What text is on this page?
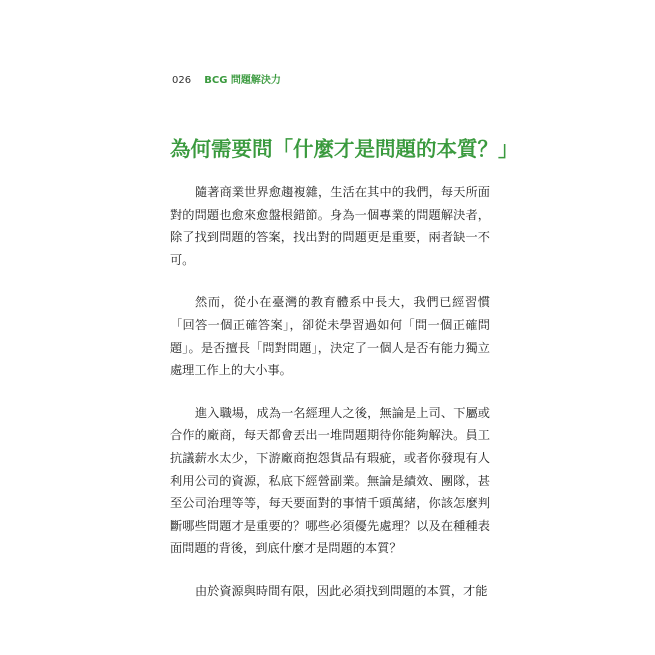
026 BCG 問題解決力
為何需要問「什麼才是問題的本質？」

隨著商業世界愈趨複雜，生活在其中的我們，每天所面對的問題也愈來愈盤根錯節。身為一個專業的問題解決者，除了找到問題的答案，找出對的問題更是重要，兩者缺一不可。

然而，從小在臺灣的教育體系中長大，我們已經習慣「回答一個正確答案」，卻從未學習過如何「問一個正確問題」。是否擅長「問對問題」，決定了一個人是否有能力獨立處理工作上的大小事。

進入職場，成為一名經理人之後，無論是上司、下屬或合作的廠商，每天都會丟出一堆問題期待你能夠解決。員工抗議薪水太少，下游廠商抱怨貨品有瑕疵，或者你發現有人利用公司的資源，私底下經營副業。無論是績效、團隊，甚至公司治理等等，每天要面對的事情千頭萬緒，你該怎麼判斷哪些問題才是重要的？哪些必須優先處理？以及在種種表面問題的背後，到底什麼才是問題的本質？

由於資源與時間有限，因此必須找到問題的本質，才能
